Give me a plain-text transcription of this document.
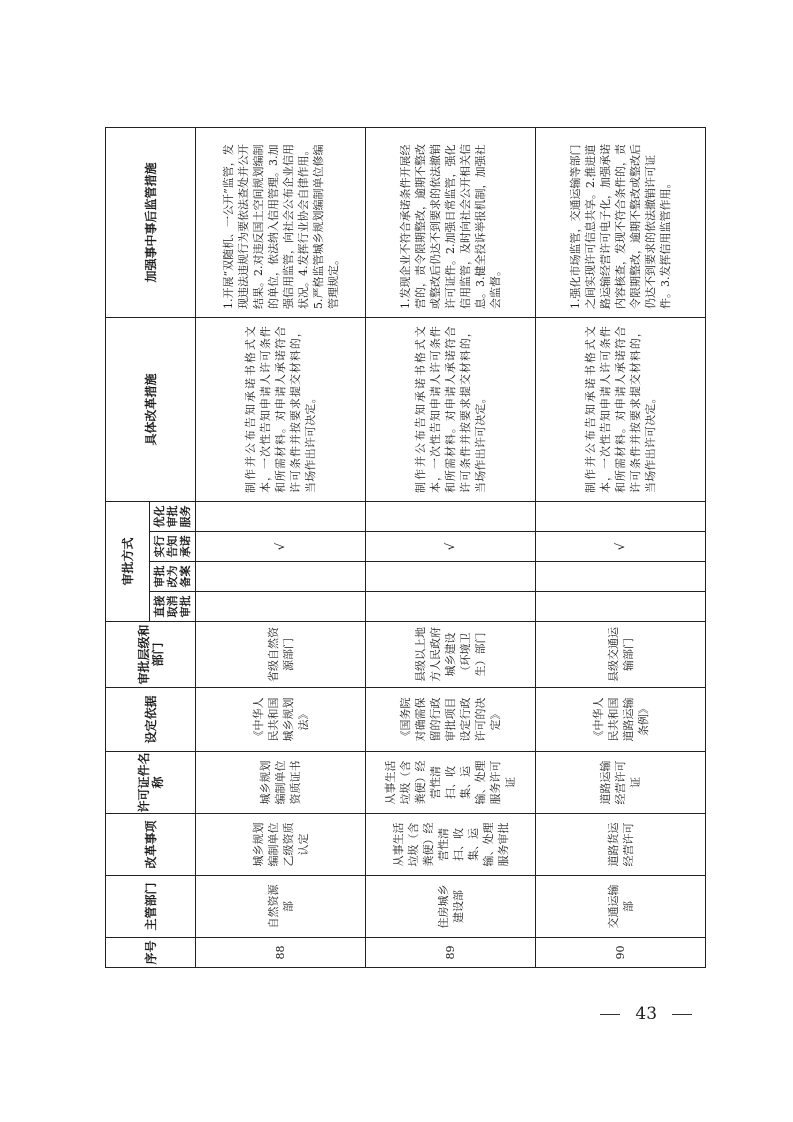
序号	主管部门	改革事项	许可证件名称	设定依据	审批层级和部门	审批方式				具体改革措施	加强事中事后监管措施
						直接取消审批	审批改为备案	实行告知承诺	优化审批服务		
88	自然资源部	城乡规划编制单位乙级资质认定	城乡规划编制单位资质证书	《中华人民共和国城乡规划法》	省级自然资源部门			√		制作并公布告知承诺书格式文本，一次性告知申请人许可条件和所需材料。对申请人承诺符合许可条件并按要求提交材料的，当场作出许可决定。	1.开展“双随机、一公开”监管，发现违法违规行为要依法查处并公开结果。2.对违反国土空间规划编制的单位，依法纳入信用管理。3.加强信用监管，向社会公布企业信用状况。4.发挥行业协会自律作用。5.严格监管城乡规划编制单位修编管理规定。
89	住房城乡建设部	从事生活垃圾（含粪便）经营性清扫、收集、运输、处理服务审批	从事生活垃圾（含粪便）经营性清扫、收集、运输、处理服务许可证	《国务院对确需保留的行政审批项目设定行政许可的决定》	县级以上地方人民政府城乡建设（环境卫生）部门			√		制作并公布告知承诺书格式文本，一次性告知申请人许可条件和所需材料。对申请人承诺符合许可条件并按要求提交材料的，当场作出许可决定。	1.发现企业不符合承诺条件开展经营的，责令限期整改，逾期不整改或整改后仍达不到要求的依法撤销许可证件。2.加强日常监管，强化信用监管，及时向社会公开相关信息。3.健全投诉举报机制，加强社会监督。
90	交通运输部	道路货运经营许可	道路运输经营许可证	《中华人民共和国道路运输条例》	县级交通运输部门			√		制作并公布告知承诺书格式文本，一次性告知申请人许可条件和所需材料。对申请人承诺符合许可条件并按要求提交材料的，当场作出许可决定。	1.强化市场监管，交通运输等部门之间实现许可信息共享。2.推进道路运输经营许可电子化，加强承诺内容核查，发现不符合条件的，责令限期整改，逾期不整改或整改后仍达不到要求的依法撤销许可证件。3.发挥信用监管作用。
43
